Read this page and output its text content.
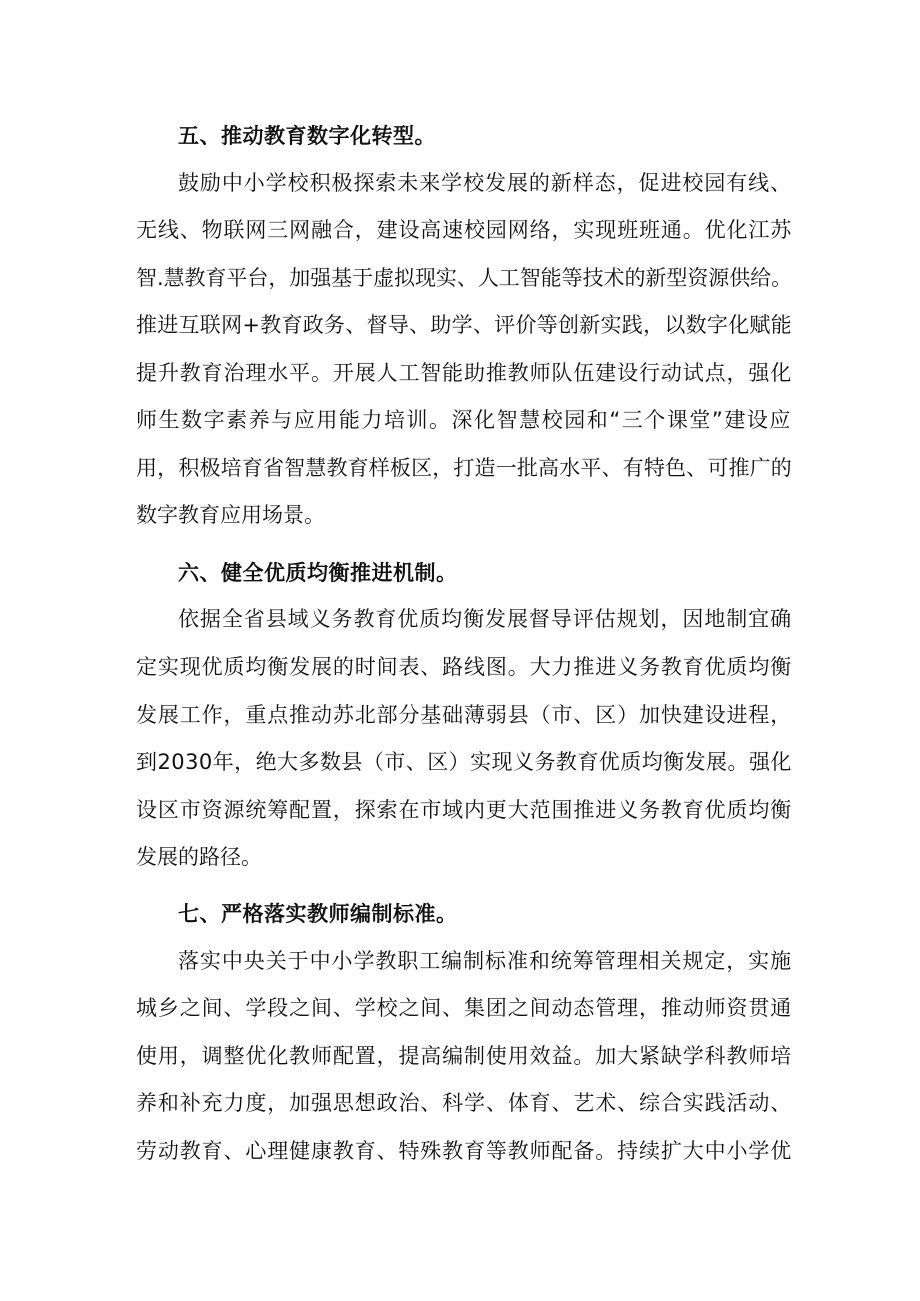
五、推动教育数字化转型。
鼓励中小学校积极探索未来学校发展的新样态，促进校园有线、
无线、物联网三网融合，建设高速校园网络，实现班班通。优化江苏
智.慧教育平台，加强基于虚拟现实、人工智能等技术的新型资源供给。
推进互联网+教育政务、督导、助学、评价等创新实践，以数字化赋能
提升教育治理水平。开展人工智能助推教师队伍建设行动试点，强化
师生数字素养与应用能力培训。深化智慧校园和“三个课堂”建设应
用，积极培育省智慧教育样板区，打造一批高水平、有特色、可推广的
数字教育应用场景。
六、健全优质均衡推进机制。
依据全省县域义务教育优质均衡发展督导评估规划，因地制宜确
定实现优质均衡发展的时间表、路线图。大力推进义务教育优质均衡
发展工作，重点推动苏北部分基础薄弱县（市、区）加快建设进程，
到2030年，绝大多数县（市、区）实现义务教育优质均衡发展。强化
设区市资源统筹配置，探索在市域内更大范围推进义务教育优质均衡
发展的路径。
七、严格落实教师编制标准。
落实中央关于中小学教职工编制标准和统筹管理相关规定，实施
城乡之间、学段之间、学校之间、集团之间动态管理，推动师资贯通
使用，调整优化教师配置，提高编制使用效益。加大紧缺学科教师培
养和补充力度，加强思想政治、科学、体育、艺术、综合实践活动、
劳动教育、心理健康教育、特殊教育等教师配备。持续扩大中小学优
